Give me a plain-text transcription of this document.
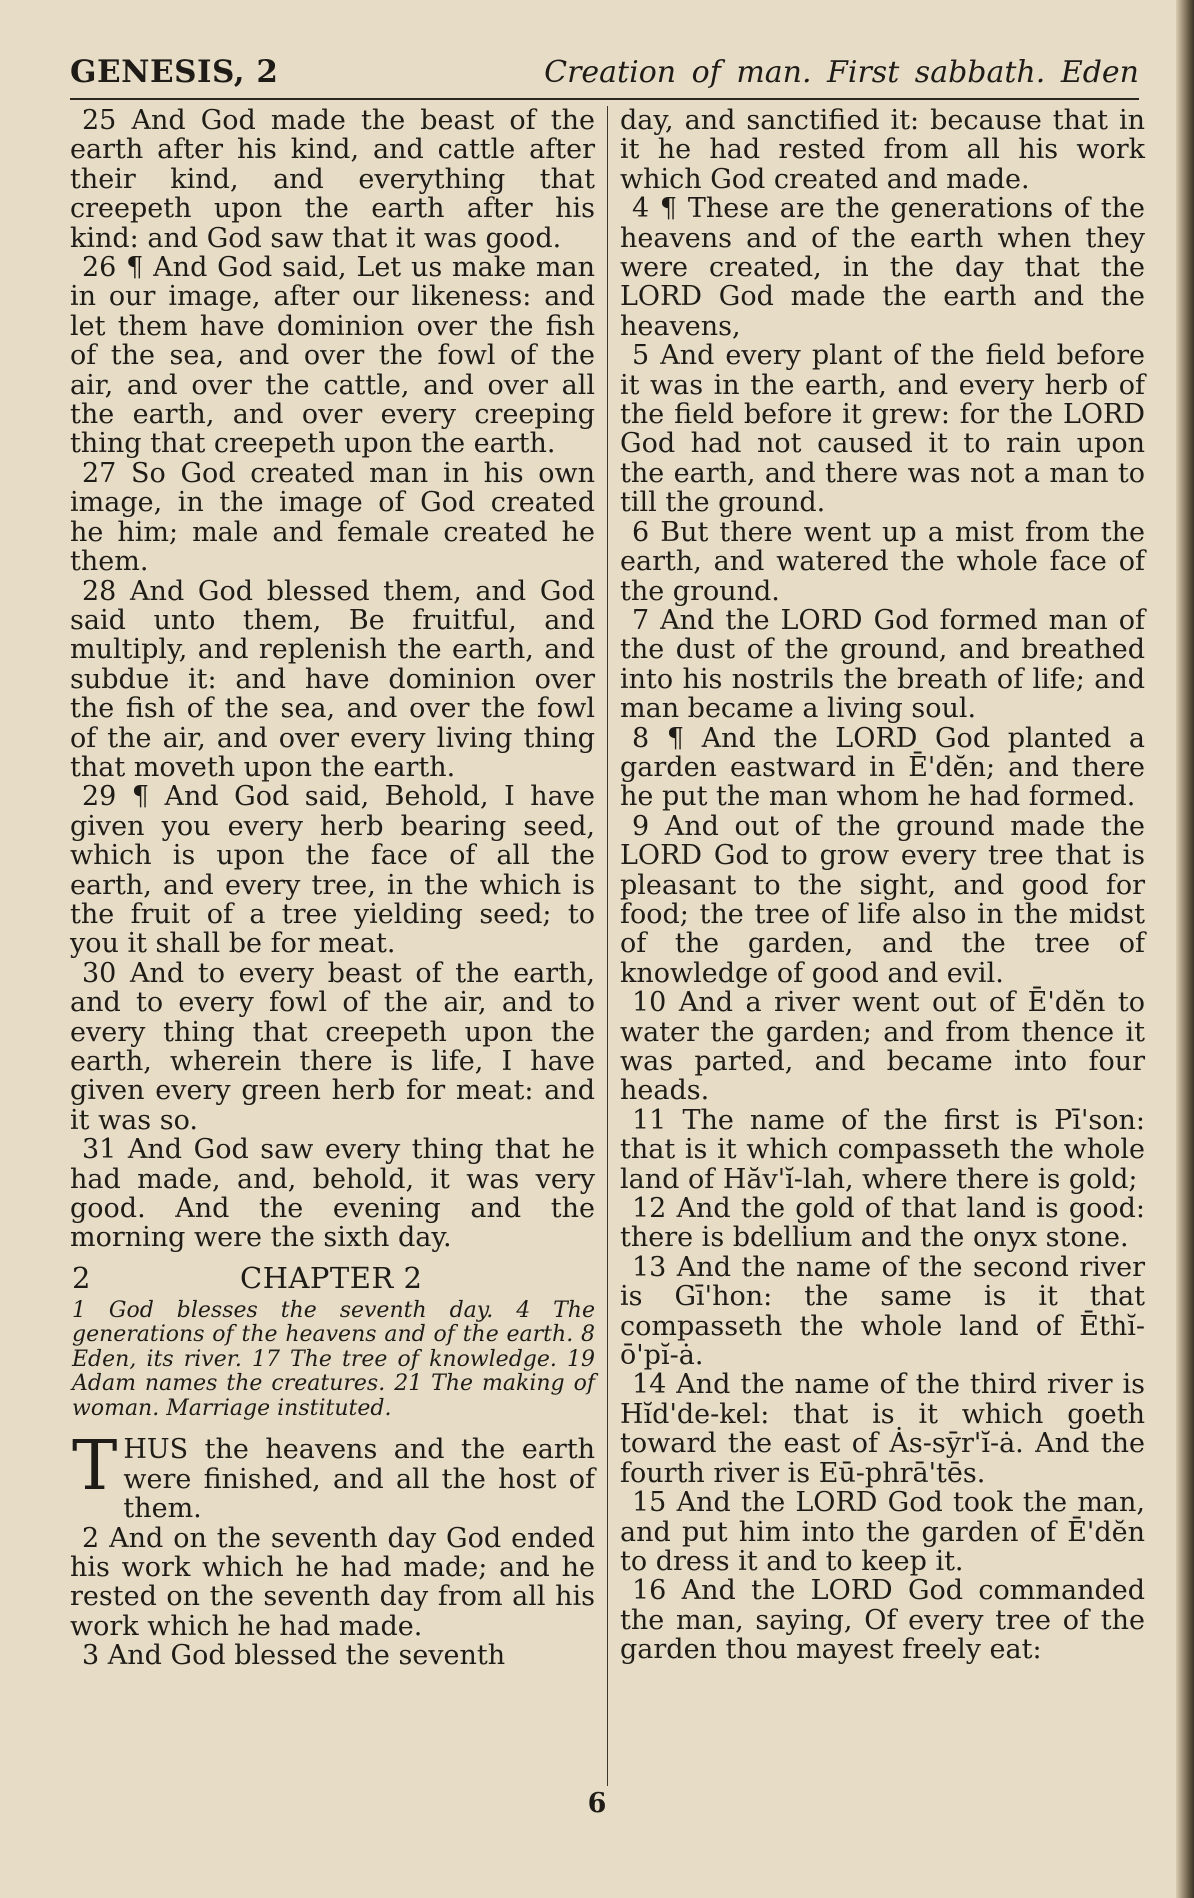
GENESIS, 2	Creation of man. First sabbath. Eden

25 And God made the beast of the earth after his kind, and cattle after their kind, and everything that creepeth upon the earth after his kind: and God saw that it was good.

26 ¶ And God said, Let us make man in our image, after our likeness: and let them have dominion over the fish of the sea, and over the fowl of the air, and over the cattle, and over all the earth, and over every creeping thing that creepeth upon the earth.

27 So God created man in his own image, in the image of God created he him; male and female created he them.

28 And God blessed them, and God said unto them, Be fruitful, and multiply, and replenish the earth, and subdue it: and have dominion over the fish of the sea, and over the fowl of the air, and over every living thing that moveth upon the earth.

29 ¶ And God said, Behold, I have given you every herb bearing seed, which is upon the face of all the earth, and every tree, in the which is the fruit of a tree yielding seed; to you it shall be for meat.

30 And to every beast of the earth, and to every fowl of the air, and to every thing that creepeth upon the earth, wherein there is life, I have given every green herb for meat: and it was so.

31 And God saw every thing that he had made, and, behold, it was very good. And the evening and the morning were the sixth day.

2	CHAPTER 2

1 God blesses the seventh day. 4 The generations of the heavens and of the earth. 8 Eden, its river. 17 The tree of knowledge. 19 Adam names the creatures. 21 The making of woman. Marriage instituted.

THUS the heavens and the earth were finished, and all the host of them.

2 And on the seventh day God ended his work which he had made; and he rested on the seventh day from all his work which he had made.

3 And God blessed the seventh

day, and sanctified it: because that in it he had rested from all his work which God created and made.

4 ¶ These are the generations of the heavens and of the earth when they were created, in the day that the LORD God made the earth and the heavens,

5 And every plant of the field before it was in the earth, and every herb of the field before it grew: for the LORD God had not caused it to rain upon the earth, and there was not a man to till the ground.

6 But there went up a mist from the earth, and watered the whole face of the ground.

7 And the LORD God formed man of the dust of the ground, and breathed into his nostrils the breath of life; and man became a living soul.

8 ¶ And the LORD God planted a garden eastward in Ē'dĕn; and there he put the man whom he had formed.

9 And out of the ground made the LORD God to grow every tree that is pleasant to the sight, and good for food; the tree of life also in the midst of the garden, and the tree of knowledge of good and evil.

10 And a river went out of Ē'dĕn to water the garden; and from thence it was parted, and became into four heads.

11 The name of the first is Pī'son: that is it which compasseth the whole land of Hăv'ĭ-lah, where there is gold;

12 And the gold of that land is good: there is bdellium and the onyx stone.

13 And the name of the second river is Gī'hon: the same is it that compasseth the whole land of Ēthĭ-ō'pĭ-ȧ.

14 And the name of the third river is Hĭd'de-kel: that is it which goeth toward the east of Ȧs-sȳr'ĭ-ȧ. And the fourth river is Eū-phrā'tēs.

15 And the LORD God took the man, and put him into the garden of Ē'dĕn to dress it and to keep it.

16 And the LORD God commanded the man, saying, Of every tree of the garden thou mayest freely eat:

6
